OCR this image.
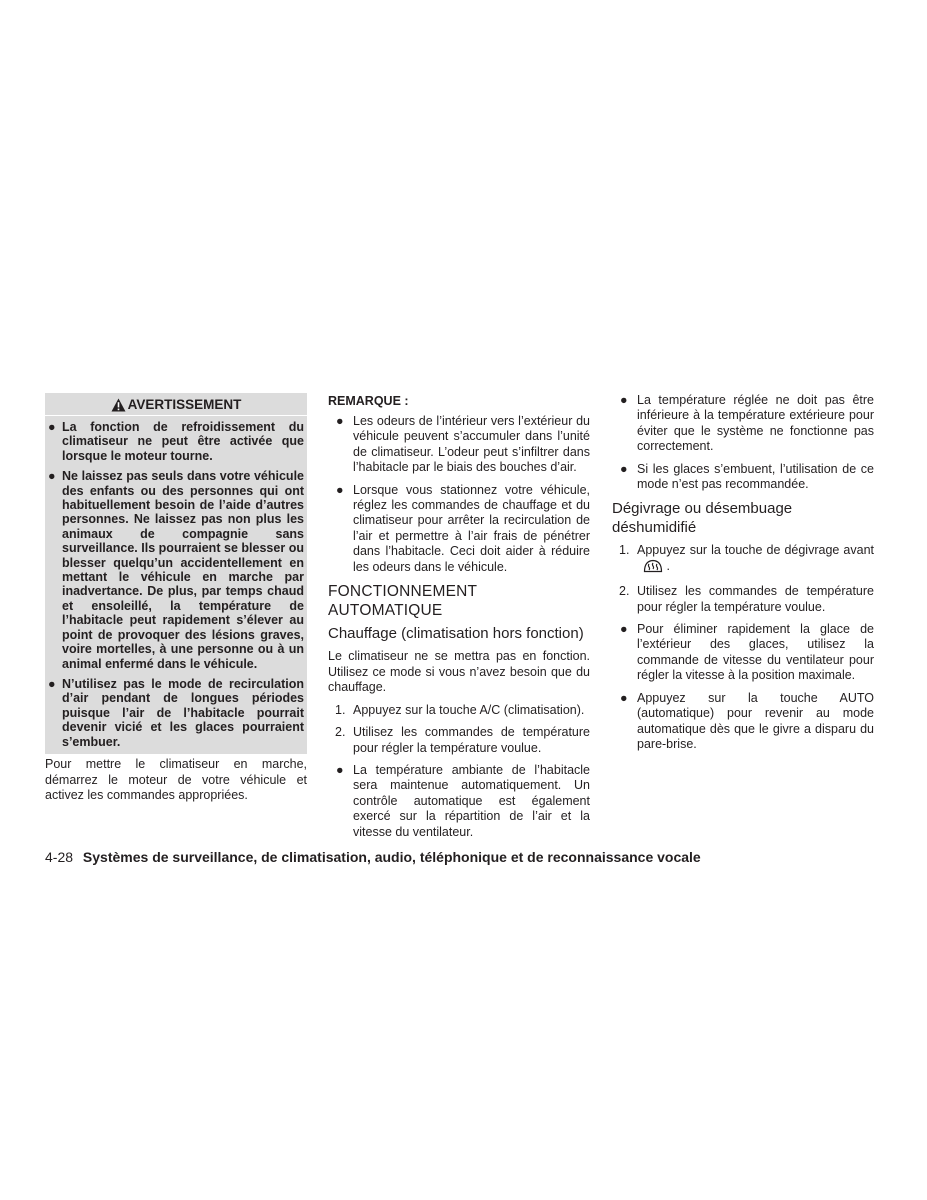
AVERTISSEMENT
● La fonction de refroidissement du climatiseur ne peut être activée que lorsque le moteur tourne.
● Ne laissez pas seuls dans votre véhicule des enfants ou des personnes qui ont habituellement besoin de l’aide d’autres personnes. Ne laissez pas non plus les animaux de compagnie sans surveillance. Ils pourraient se blesser ou blesser quelqu’un accidentellement en mettant le véhicule en marche par inadvertance. De plus, par temps chaud et ensoleillé, la température de l’habitacle peut rapidement s’élever au point de provoquer des lésions graves, voire mortelles, à une personne ou à un animal enfermé dans le véhicule.
● N’utilisez pas le mode de recirculation d’air pendant de longues périodes puisque l’air de l’habitacle pourrait devenir vicié et les glaces pourraient s’embuer.

Pour mettre le climatiseur en marche, démarrez le moteur de votre véhicule et activez les commandes appropriées.

REMARQUE :
● Les odeurs de l’intérieur vers l’extérieur du véhicule peuvent s’accumuler dans l’unité de climatiseur. L’odeur peut s’infiltrer dans l’habitacle par le biais des bouches d’air.
● Lorsque vous stationnez votre véhicule, réglez les commandes de chauffage et du climatiseur pour arrêter la recirculation de l’air et permettre à l’air frais de pénétrer dans l’habitacle. Ceci doit aider à réduire les odeurs dans le véhicule.
FONCTIONNEMENT AUTOMATIQUE
Chauffage (climatisation hors fonction)

Le climatiseur ne se mettra pas en fonction. Utilisez ce mode si vous n’avez besoin que du chauffage.

1. Appuyez sur la touche A/C (climatisation).
2. Utilisez les commandes de température pour régler la température voulue.
● La température ambiante de l’habitacle sera maintenue automatiquement. Un contrôle automatique est également exercé sur la répartition de l’air et la vitesse du ventilateur.
● La température réglée ne doit pas être inférieure à la température extérieure pour éviter que le système ne fonctionne pas correctement.
● Si les glaces s’embuent, l’utilisation de ce mode n’est pas recommandée.
Dégivrage ou désembuage déshumidifié
1. Appuyez sur la touche de dégivrage avant .
2. Utilisez les commandes de température pour régler la température voulue.
● Pour éliminer rapidement la glace de l’extérieur des glaces, utilisez la commande de vitesse du ventilateur pour régler la vitesse à la position maximale.
● Appuyez sur la touche AUTO (automatique) pour revenir au mode automatique dès que le givre a disparu du pare-brise.
4-28 Systèmes de surveillance, de climatisation, audio, téléphonique et de reconnaissance vocale
